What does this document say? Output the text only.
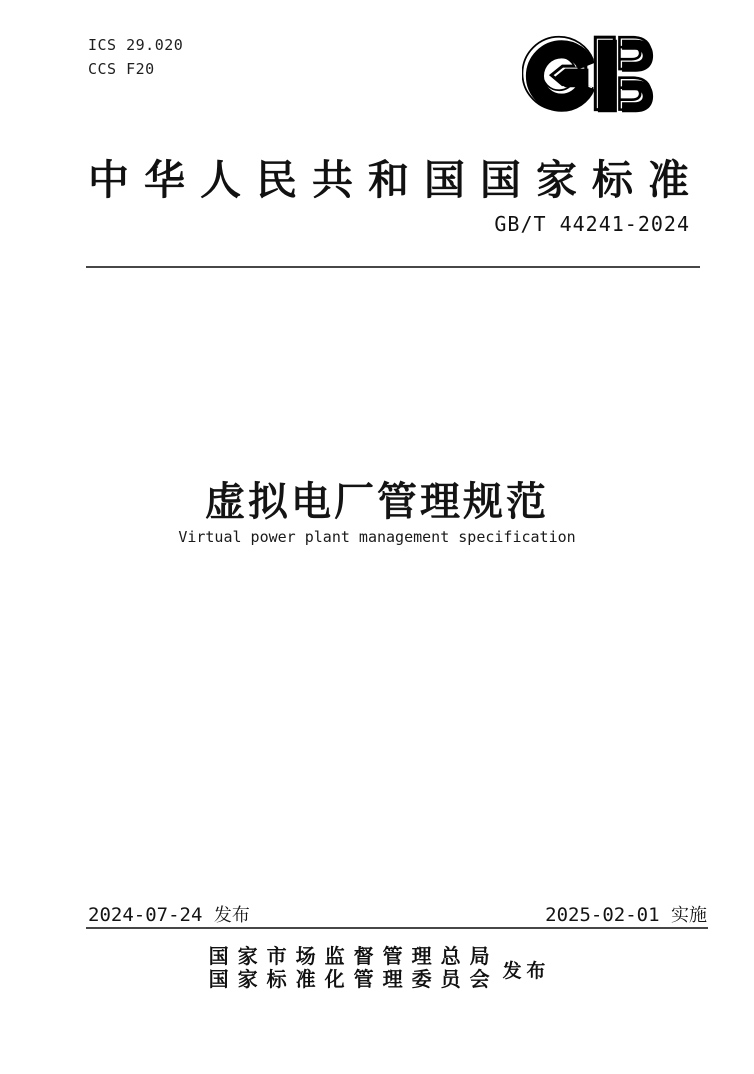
ICS 29.020
CCS F20
中华人民共和国国家标准
GB/T 44241-2024
虚拟电厂管理规范
Virtual power plant management specification
2024-07-24 发布	2025-02-01 实施
国家市场监督管理总局
国家标准化管理委员会 发 布
